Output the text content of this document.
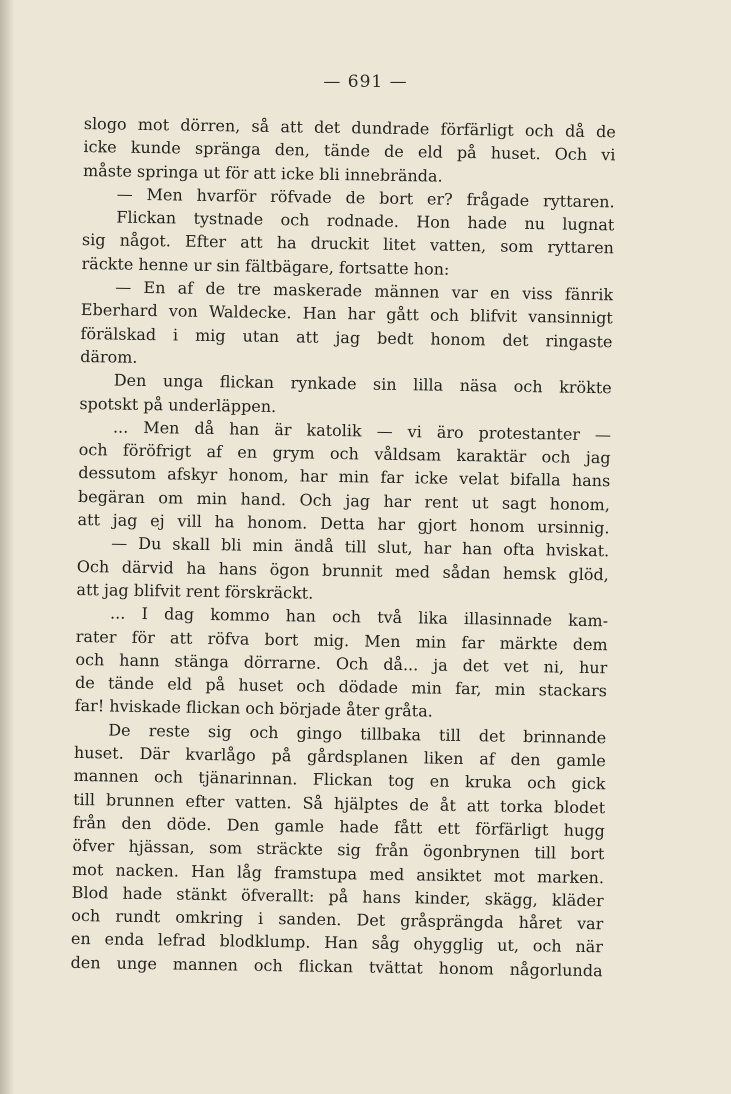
— 691 —
slogo mot dörren, så att det dundrade förfärligt och då de
icke kunde spränga den, tände de eld på huset. Och vi
måste springa ut för att icke bli innebrända.
— Men hvarför röfvade de bort er? frågade ryttaren.
Flickan tystnade och rodnade. Hon hade nu lugnat
sig något. Efter att ha druckit litet vatten, som ryttaren
räckte henne ur sin fältbägare, fortsatte hon:
— En af de tre maskerade männen var en viss fänrik
Eberhard von Waldecke. Han har gått och blifvit vansinnigt
förälskad i mig utan att jag bedt honom det ringaste
därom.
Den unga flickan rynkade sin lilla näsa och krökte
spotskt på underläppen.
... Men då han är katolik — vi äro protestanter —
och föröfrigt af en grym och våldsam karaktär och jag
dessutom afskyr honom, har min far icke velat bifalla hans
begäran om min hand. Och jag har rent ut sagt honom,
att jag ej vill ha honom. Detta har gjort honom ursinnig.
— Du skall bli min ändå till slut, har han ofta hviskat.
Och därvid ha hans ögon brunnit med sådan hemsk glöd,
att jag blifvit rent förskräckt.
... I dag kommo han och två lika illasinnade kam-
rater för att röfva bort mig. Men min far märkte dem
och hann stänga dörrarne. Och då... ja det vet ni, hur
de tände eld på huset och dödade min far, min stackars
far! hviskade flickan och började åter gråta.
De reste sig och gingo tillbaka till det brinnande
huset. Där kvarlågo på gårdsplanen liken af den gamle
mannen och tjänarinnan. Flickan tog en kruka och gick
till brunnen efter vatten. Så hjälptes de åt att torka blodet
från den döde. Den gamle hade fått ett förfärligt hugg
öfver hjässan, som sträckte sig från ögonbrynen till bort
mot nacken. Han låg framstupa med ansiktet mot marken.
Blod hade stänkt öfverallt: på hans kinder, skägg, kläder
och rundt omkring i sanden. Det gråsprängda håret var
en enda lefrad blodklump. Han såg ohygglig ut, och när
den unge mannen och flickan tvättat honom någorlunda
